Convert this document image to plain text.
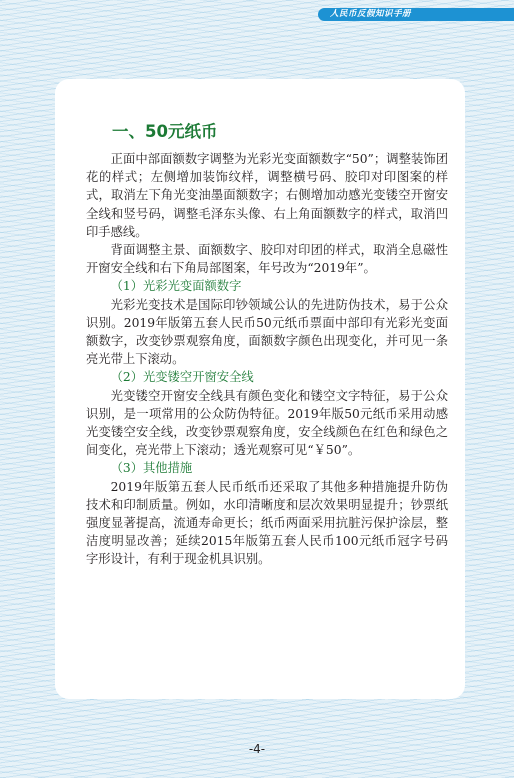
人民币反假知识手册
一、50元纸币

正面中部面额数字调整为光彩光变面额数字“50”；调整装饰团花的样式；左侧增加装饰纹样，调整横号码、胶印对印图案的样式，取消左下角光变油墨面额数字；右侧增加动感光变镂空开窗安全线和竖号码，调整毛泽东头像、右上角面额数字的样式，取消凹印手感线。

背面调整主景、面额数字、胶印对印团的样式，取消全息磁性开窗安全线和右下角局部图案，年号改为“2019年”。

（1）光彩光变面额数字

光彩光变技术是国际印钞领域公认的先进防伪技术，易于公众识别。2019年版第五套人民币50元纸币票面中部印有光彩光变面额数字，改变钞票观察角度，面额数字颜色出现变化，并可见一条亮光带上下滚动。

（2）光变镂空开窗安全线

光变镂空开窗安全线具有颜色变化和镂空文字特征，易于公众识别，是一项常用的公众防伪特征。2019年版50元纸币采用动感光变镂空安全线，改变钞票观察角度，安全线颜色在红色和绿色之间变化，亮光带上下滚动；透光观察可见“￥50”。

（3）其他措施

2019年版第五套人民币纸币还采取了其他多种措施提升防伪技术和印制质量。例如，水印清晰度和层次效果明显提升；钞票纸强度显著提高，流通寿命更长；纸币两面采用抗脏污保护涂层，整洁度明显改善；延续2015年版第五套人民币100元纸币冠字号码字形设计，有利于现金机具识别。

-4-
